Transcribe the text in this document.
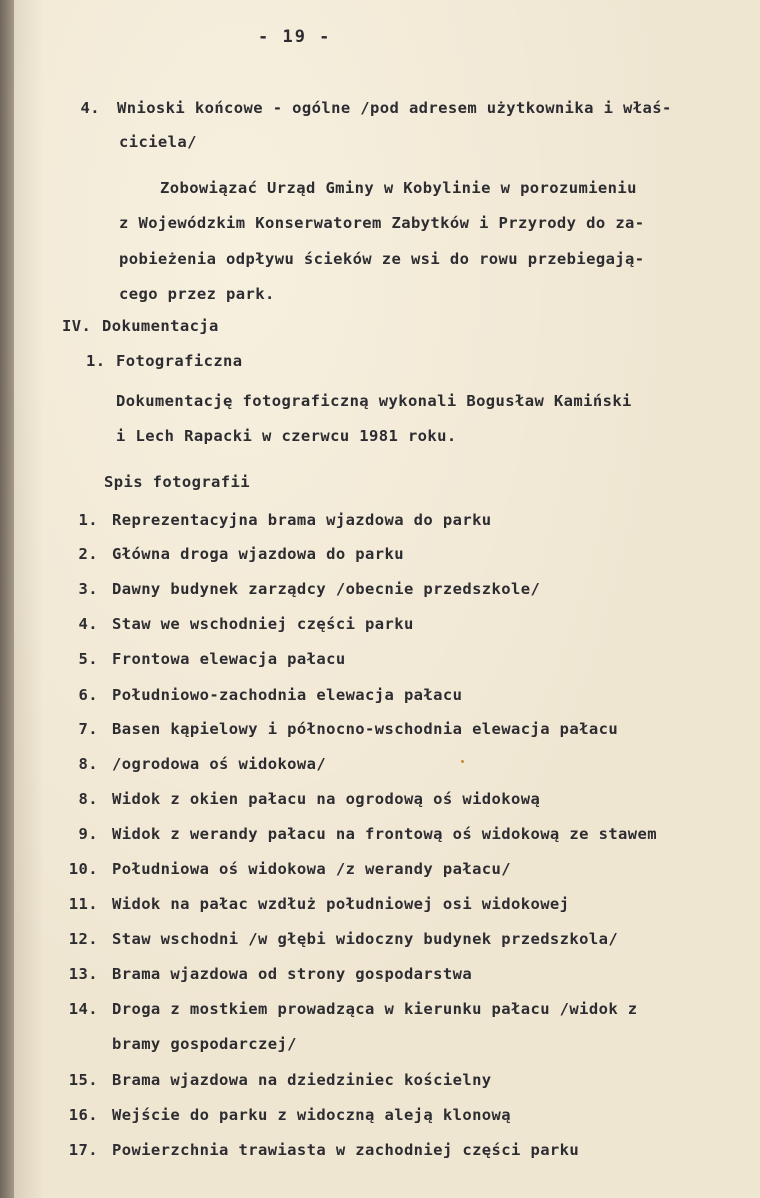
- 19 -
4. Wnioski końcowe - ogólne /pod adresem użytkownika i właś-
ciciela/
Zobowiązać Urząd Gminy w Kobylinie w porozumieniu
z Wojewódzkim Konserwatorem Zabytków i Przyrody do za-
pobieżenia odpływu ścieków ze wsi do rowu przebiegają-
cego przez park.
IV. Dokumentacja
1. Fotograficzna
Dokumentację fotograficzną wykonali Bogusław Kamiński
i Lech Rapacki w czerwcu 1981 roku.
Spis fotografii
1. Reprezentacyjna brama wjazdowa do parku
2. Główna droga wjazdowa do parku
3. Dawny budynek zarządcy /obecnie przedszkole/
4. Staw we wschodniej części parku
5. Frontowa elewacja pałacu
6. Południowo-zachodnia elewacja pałacu
7. Basen kąpielowy i północno-wschodnia elewacja pałacu
8. /ogrodowa oś widokowa/
8. Widok z okien pałacu na ogrodową oś widokową
9. Widok z werandy pałacu na frontową oś widokową ze stawem
10. Południowa oś widokowa /z werandy pałacu/
11. Widok na pałac wzdłuż południowej osi widokowej
12. Staw wschodni /w głębi widoczny budynek przedszkola/
13. Brama wjazdowa od strony gospodarstwa
14. Droga z mostkiem prowadząca w kierunku pałacu /widok z
bramy gospodarczej/
15. Brama wjazdowa na dziedziniec kościelny
16. Wejście do parku z widoczną aleją klonową
17. Powierzchnia trawiasta w zachodniej części parku
